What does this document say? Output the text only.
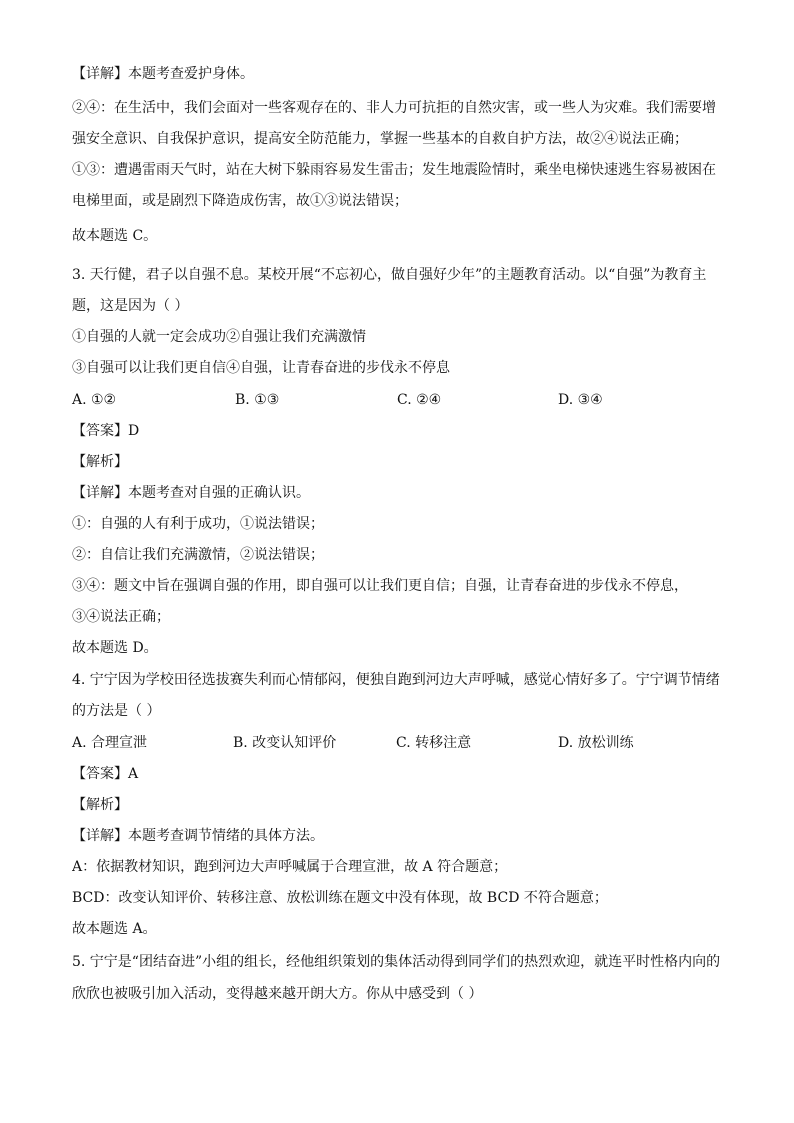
【详解】本题考查爱护身体。
②④：在生活中，我们会面对一些客观存在的、非人力可抗拒的自然灾害，或一些人为灾难。我们需要增
强安全意识、自我保护意识，提高安全防范能力，掌握一些基本的自救自护方法，故②④说法正确；
①③：遭遇雷雨天气时，站在大树下躲雨容易发生雷击；发生地震险情时，乘坐电梯快速逃生容易被困在
电梯里面，或是剧烈下降造成伤害，故①③说法错误；
故本题选 C。
3. 天行健，君子以自强不息。某校开展“不忘初心，做自强好少年”的主题教育活动。以“自强”为教育主
题，这是因为（ ）
①自强的人就一定会成功②自强让我们充满激情
③自强可以让我们更自信④自强，让青春奋进的步伐永不停息
A. ①②	B. ①③	C. ②④	D. ③④
【答案】D
【解析】
【详解】本题考查对自强的正确认识。
①：自强的人有利于成功，①说法错误；
②：自信让我们充满激情，②说法错误；
③④：题文中旨在强调自强的作用，即自强可以让我们更自信；自强，让青春奋进的步伐永不停息，
③④说法正确；
故本题选 D。
4. 宁宁因为学校田径选拔赛失利而心情郁闷，便独自跑到河边大声呼喊，感觉心情好多了。宁宁调节情绪
的方法是（ ）
A. 合理宣泄	B. 改变认知评价	C. 转移注意	D. 放松训练
【答案】A
【解析】
【详解】本题考查调节情绪的具体方法。
A：依据教材知识，跑到河边大声呼喊属于合理宣泄，故 A 符合题意；
BCD：改变认知评价、转移注意、放松训练在题文中没有体现，故 BCD 不符合题意；
故本题选 A。
5. 宁宁是“团结奋进”小组的组长，经他组织策划的集体活动得到同学们的热烈欢迎，就连平时性格内向的
欣欣也被吸引加入活动，变得越来越开朗大方。你从中感受到（ ）
